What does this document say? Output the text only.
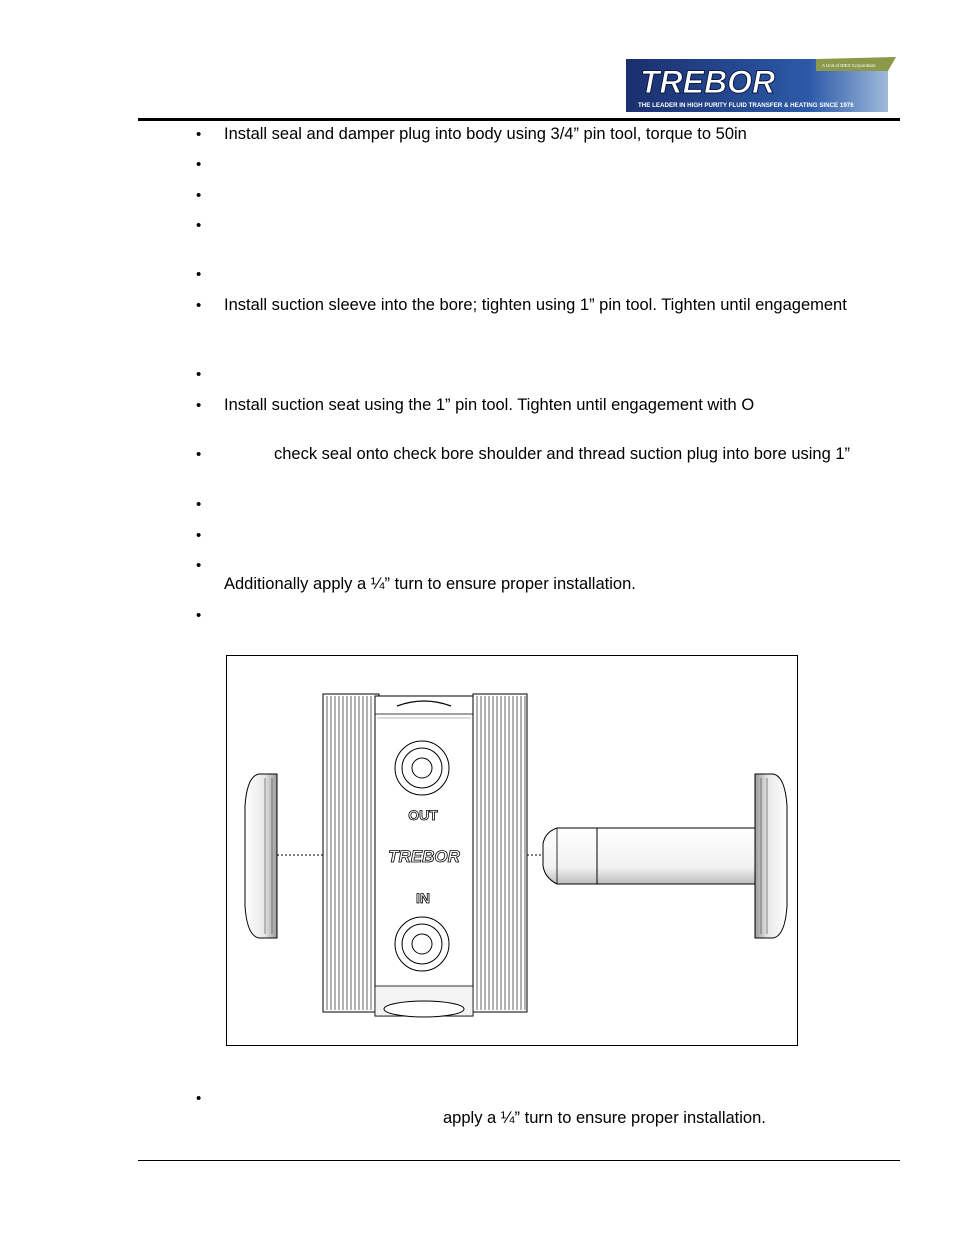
TREBOR	A Unit of IDEX Corporation
THE LEADER IN HIGH PURITY FLUID TRANSFER & HEATING SINCE 1976
• Install seal and damper plug into body using 3/4” pin tool, torque to 50in
•
•
•
•
• Install suction sleeve into the bore; tighten using 1” pin tool. Tighten until engagement
•
• Install suction seat using the 1” pin tool. Tighten until engagement with O
•	check seal onto check bore shoulder and thread suction plug into bore using 1”
•
•
•
Additionally apply a ¼” turn to ensure proper installation.
•
OUT
TREBOR
IN
•
apply a ¼” turn to ensure proper installation.
